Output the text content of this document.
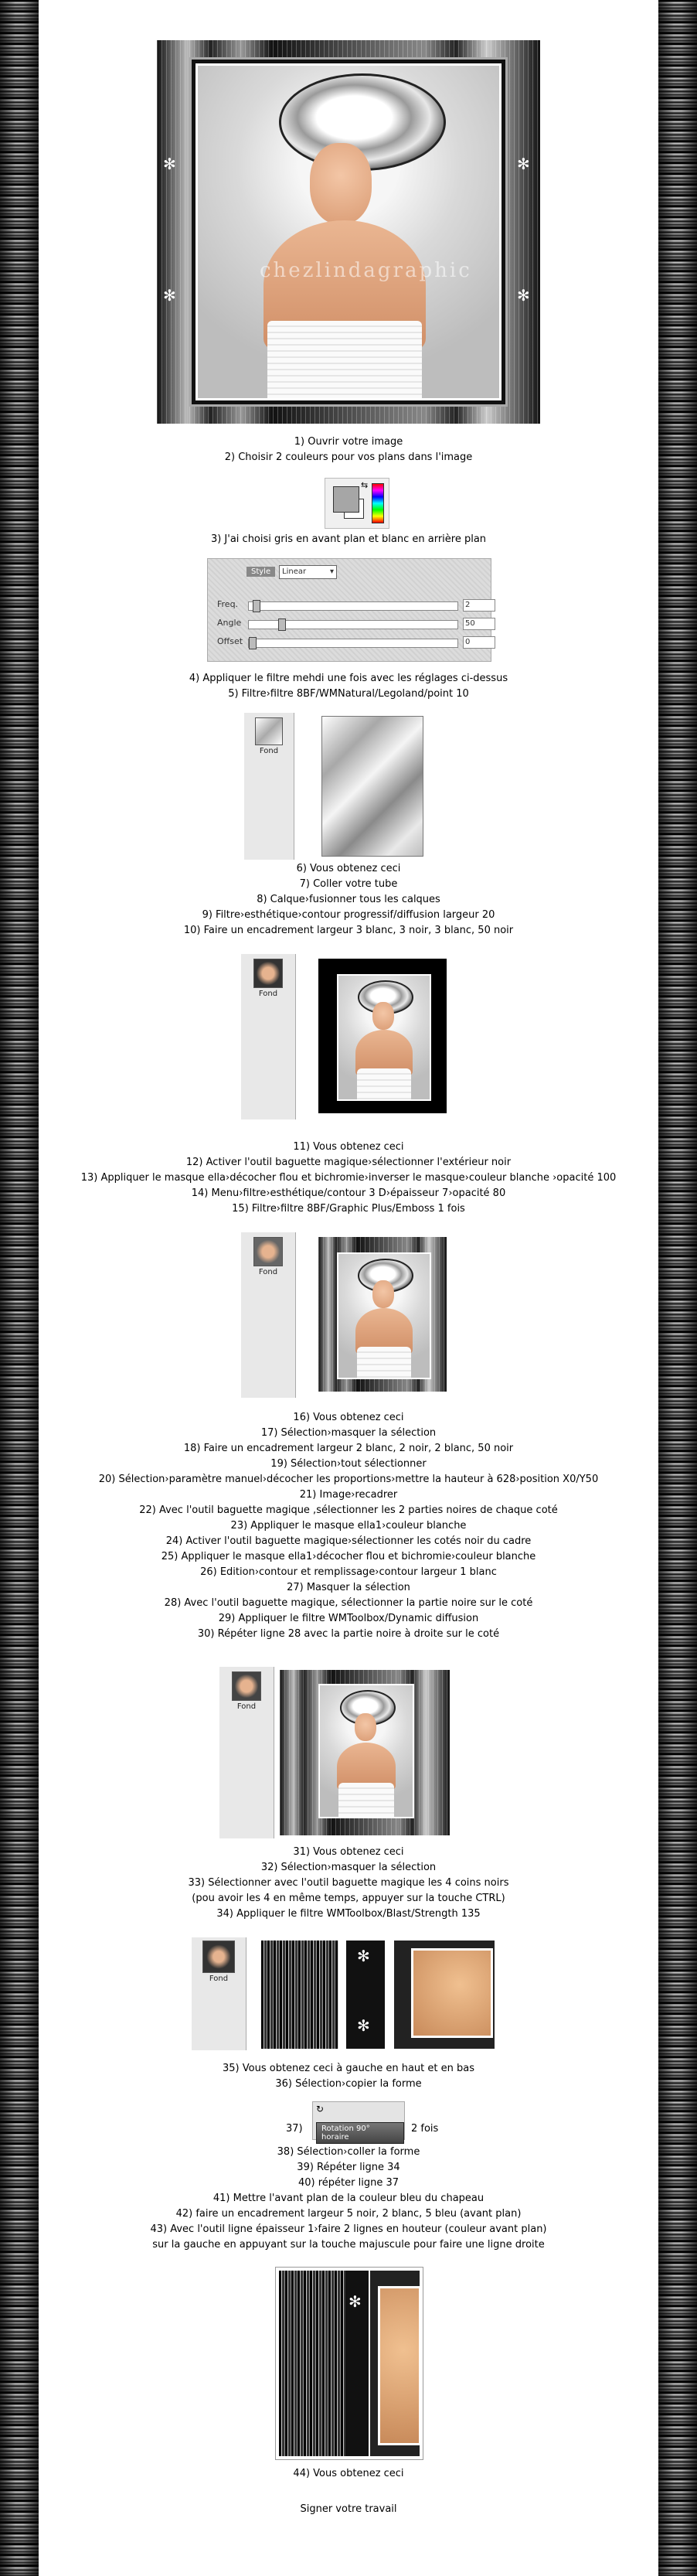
chezlindagraphic
✻
✻
✻
✻
1) Ouvrir votre image
2) Choisir 2 couleurs pour vos plans dans l'image
⇆
3) J'ai choisi gris en avant plan et blanc en arrière plan
Style	Linear	▾
Freq.	2
Angle	50
Offset	0
4) Appliquer le filtre mehdi une fois avec les réglages ci-dessus
5) Filtre›filtre 8BF/WMNatural/Legoland/point 10
Fond
6) Vous obtenez ceci
7) Coller votre tube
8) Calque›fusionner tous les calques
9) Filtre›esthétique›contour progressif/diffusion largeur 20
10) Faire un encadrement largeur 3 blanc, 3 noir, 3 blanc, 50 noir
Fond
11) Vous obtenez ceci
12) Activer l'outil baguette magique›sélectionner l'extérieur noir
13) Appliquer le masque ella›décocher flou et bichromie›inverser le masque›couleur blanche ›opacité 100
14) Menu›filtre›esthétique/contour 3 D›épaisseur 7›opacité 80
15) Filtre›filtre 8BF/Graphic Plus/Emboss 1 fois
Fond
16) Vous obtenez ceci
17) Sélection›masquer la sélection
18) Faire un encadrement largeur 2 blanc, 2 noir, 2 blanc, 50 noir
19) Sélection›tout sélectionner
20) Sélection›paramètre manuel›décocher les proportions›mettre la hauteur à 628›position X0/Y50
21) Image›recadrer
22) Avec l'outil baguette magique ,sélectionner les 2 parties noires de chaque coté
23) Appliquer le masque ella1›couleur blanche
24) Activer l'outil baguette magique›sélectionner les cotés noir du cadre
25) Appliquer le masque ella1›décocher flou et bichromie›couleur blanche
26) Edition›contour et remplissage›contour largeur 1 blanc
27) Masquer la sélection
28) Avec l'outil baguette magique, sélectionner la partie noire sur le coté
29) Appliquer le filtre WMToolbox/Dynamic diffusion
30) Répéter ligne 28 avec la partie noire à droite sur le coté
Fond
31) Vous obtenez ceci
32) Sélection›masquer la sélection
33) Sélectionner avec l'outil baguette magique les 4 coins noirs
(pou avoir les 4 en même temps, appuyer sur la touche CTRL)
34) Appliquer le filtre WMToolbox/Blast/Strength 135
Fond
✻
✻
35) Vous obtenez ceci à gauche en haut et en bas
36) Sélection›copier la forme
37)
↻
Rotation 90° horaire
2 fois
38) Sélection›coller la forme
39) Répéter ligne 34
40) répéter ligne 37
41) Mettre l'avant plan de la couleur bleu du chapeau
42) faire un encadrement largeur 5 noir, 2 blanc, 5 bleu (avant plan)
43) Avec l'outil ligne épaisseur 1›faire 2 lignes en houteur (couleur avant plan)
sur la gauche en appuyant sur la touche majuscule pour faire une ligne droite
✻
44) Vous obtenez ceci
Signer votre travail
